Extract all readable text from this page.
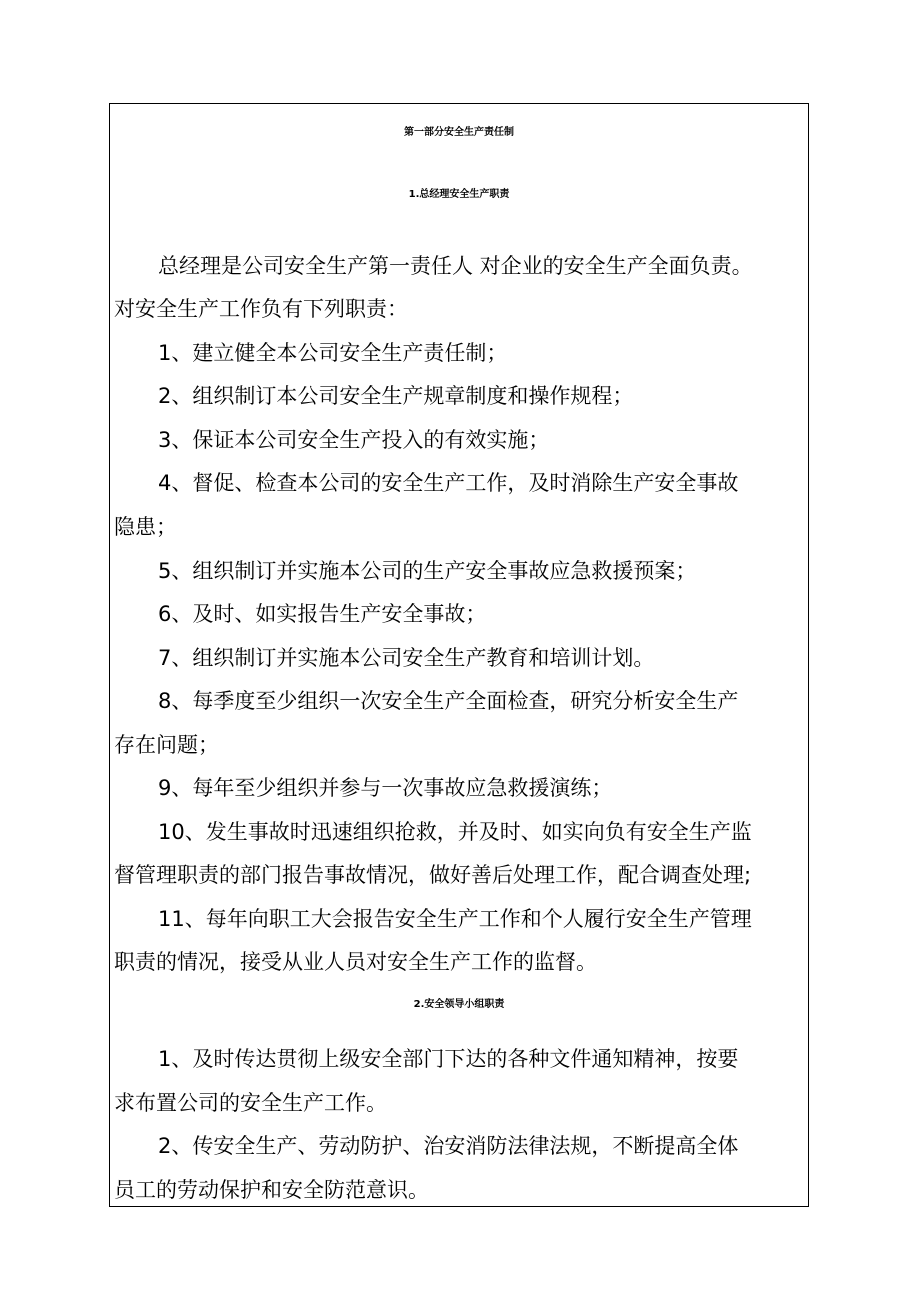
第一部分安全生产责任制
1.总经理安全生产职责
总经理是公司安全生产第一责任人 对企业的安全生产全面负责。
对安全生产工作负有下列职责：
1、建立健全本公司安全生产责任制；
2、组织制订本公司安全生产规章制度和操作规程；
3、保证本公司安全生产投入的有效实施；
4、督促、检查本公司的安全生产工作，及时消除生产安全事故
隐患；
5、组织制订并实施本公司的生产安全事故应急救援预案；
6、及时、如实报告生产安全事故；
7、组织制订并实施本公司安全生产教育和培训计划。
8、每季度至少组织一次安全生产全面检查，研究分析安全生产
存在问题；
9、每年至少组织并参与一次事故应急救援演练；
10、发生事故时迅速组织抢救，并及时、如实向负有安全生产监
督管理职责的部门报告事故情况，做好善后处理工作，配合调查处理;
11、每年向职工大会报告安全生产工作和个人履行安全生产管理
职责的情况，接受从业人员对安全生产工作的监督。
2.安全领导小组职责
1、及时传达贯彻上级安全部门下达的各种文件通知精神，按要
求布置公司的安全生产工作。
2、传安全生产、劳动防护、治安消防法律法规，不断提高全体
员工的劳动保护和安全防范意识。
